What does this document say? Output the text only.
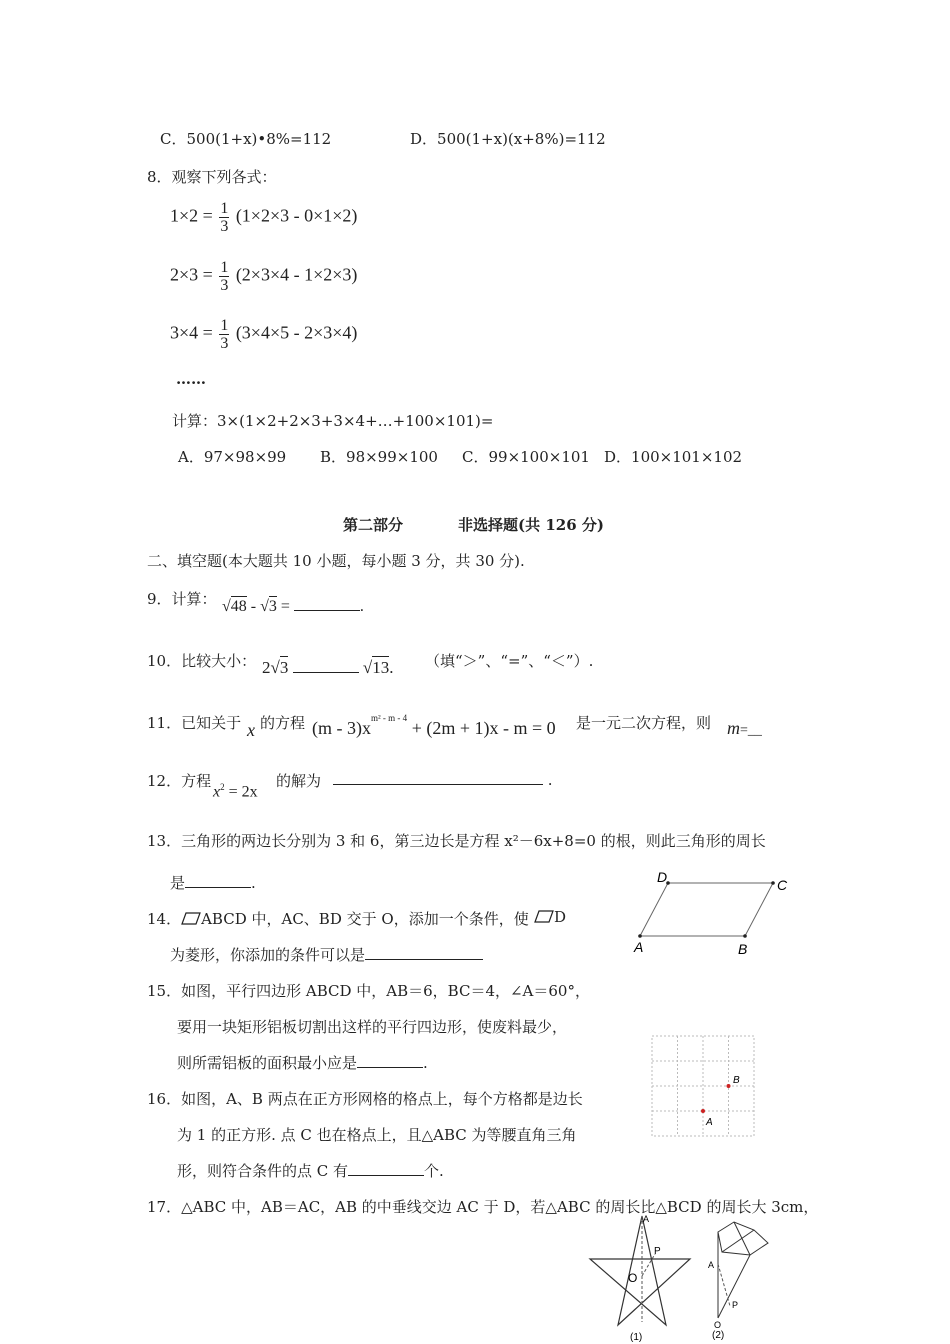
C．500(1+x)•8%=112	D．500(1+x)(x+8%)=112
8．观察下列各式：
$1\times 2 = \frac{1}{3} (1\times 2\times 3 - 0\times 1\times 2)$
$2\times 3 = \frac{1}{3} (2\times 3\times 4 - 1\times 2\times 3)$
$3\times 4 = \frac{1}{3} (3\times 4\times 5 - 2\times 3\times 4)$
……
计算：3×(1×2+2×3+3×4+…+100×101)=
A．97×98×99 B．98×99×100 C．99×100×101 D．100×101×102
第二部分	非选择题(共 126 分)
二、填空题(本大题共 10 小题，每小题 3 分，共 30 分).
9．计算： √48 - √3 =	.
10．比较大小： 2√3	√13. （填“＞”、“=”、“＜”）.
11．已知关于 x 的方程 $(m - 3)x^{m^2 - m - 4} + (2m + 1)x - m = 0$ 是一元二次方程，则 m=__
12．方程
$x^2 = 2x$
的解为	.
13．三角形的两边长分别为 3 和 6，第三边长是方程 x²－6x+8=0 的根，则此三角形的周长
是	.
A	B
C
D
14． ABCD 中，AC、BD 交于 O，添加一个条件，使	D
为菱形，你添加的条件可以是
15．如图，平行四边形 ABCD 中，AB＝6，BC＝4，∠A＝60°，
要用一块矩形铝板切割出这样的平行四边形，使废料最少，
则所需铝板的面积最小应是	.
A
B
16．如图，A、B 两点在正方形网格的格点上，每个方格都是边长
为 1 的正方形. 点 C 也在格点上，且△ABC 为等腰直角三角
形，则符合条件的点 C 有	个.
17．△ABC 中，AB＝AC，AB 的中垂线交边 AC 于 D，若△ABC 的周长比△BCD 的周长大 3cm，
A
P
O
(1)
A
P
O
(2)
